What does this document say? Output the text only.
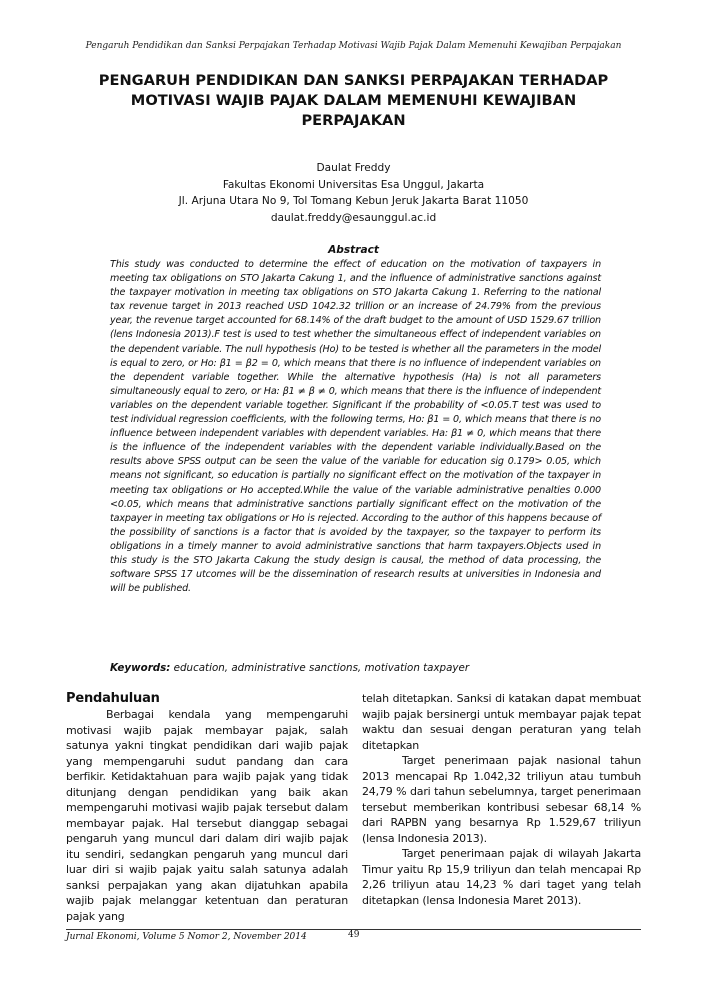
Pengaruh Pendidikan dan Sanksi Perpajakan Terhadap Motivasi Wajib Pajak Dalam Memenuhi Kewajiban Perpajakan
PENGARUH PENDIDIKAN DAN SANKSI PERPAJAKAN TERHADAP
MOTIVASI WAJIB PAJAK DALAM MEMENUHI KEWAJIBAN
PERPAJAKAN
Daulat Freddy
Fakultas Ekonomi Universitas Esa Unggul, Jakarta
Jl. Arjuna Utara No 9, Tol Tomang Kebun Jeruk Jakarta Barat 11050
daulat.freddy@esaunggul.ac.id
Abstract
This study was conducted to determine the effect of education on the motivation of taxpayers in meeting tax obligations on STO Jakarta Cakung 1, and the influence of administrative sanctions against the taxpayer motivation in meeting tax obligations on STO Jakarta Cakung 1. Referring to the national tax revenue target in 2013 reached USD 1042.32 trillion or an increase of 24.79% from the previous year, the revenue target accounted for 68.14% of the draft budget to the amount of USD 1529.67 trillion (lens Indonesia 2013).F test is used to test whether the simultaneous effect of independent variables on the dependent variable. The null hypothesis (Ho) to be tested is whether all the parameters in the model is equal to zero, or Ho: β1 = β2 = 0, which means that there is no influence of independent variables on the dependent variable together. While the alternative hypothesis (Ha) is not all parameters simultaneously equal to zero, or Ha: β1 ≠ β ≠ 0, which means that there is the influence of independent variables on the dependent variable together. Significant if the probability of <0.05.T test was used to test individual regression coefficients, with the following terms, Ho: β1 = 0, which means that there is no influence between independent variables with dependent variables. Ha: β1 ≠ 0, which means that there is the influence of the independent variables with the dependent variable individually.Based on the results above SPSS output can be seen the value of the variable for education sig 0.179> 0.05, which means not significant, so education is partially no significant effect on the motivation of the taxpayer in meeting tax obligations or Ho accepted.While the value of the variable administrative penalties 0.000 <0.05, which means that administrative sanctions partially significant effect on the motivation of the taxpayer in meeting tax obligations or Ho is rejected. According to the author of this happens because of the possibility of sanctions is a factor that is avoided by the taxpayer, so the taxpayer to perform its obligations in a timely manner to avoid administrative sanctions that harm taxpayers.Objects used in this study is the STO Jakarta Cakung the study design is causal, the method of data processing, the software SPSS 17 utcomes will be the dissemination of research results at universities in Indonesia and will be published.
Keywords: education, administrative sanctions, motivation taxpayer

Pendahuluan

Berbagai kendala yang mempengaruhi motivasi wajib pajak membayar pajak, salah satunya yakni tingkat pendidikan dari wajib pajak yang mempengaruhi sudut pandang dan cara berfikir. Ketidaktahuan para wajib pajak yang tidak ditunjang dengan pendidikan yang baik akan mempengaruhi motivasi wajib pajak tersebut dalam membayar pajak. Hal tersebut dianggap sebagai pengaruh yang muncul dari dalam diri wajib pajak itu sendiri, sedangkan pengaruh yang muncul dari luar diri si wajib pajak yaitu salah satunya adalah sanksi perpajakan yang akan dijatuhkan apabila wajib pajak melanggar ketentuan dan peraturan pajak yang

telah ditetapkan. Sanksi di katakan dapat membuat wajib pajak bersinergi untuk membayar pajak tepat waktu dan sesuai dengan peraturan yang telah ditetapkan

Target penerimaan pajak nasional tahun 2013 mencapai Rp 1.042,32 triliyun atau tumbuh 24,79 % dari tahun sebelumnya, target penerimaan tersebut memberikan kontribusi sebesar 68,14 % dari RAPBN yang besarnya Rp 1.529,67 triliyun (lensa Indonesia 2013).

Target penerimaan pajak di wilayah Jakarta Timur yaitu Rp 15,9 triliyun dan telah mencapai Rp 2,26 triliyun atau 14,23 % dari taget yang telah ditetapkan (lensa Indonesia Maret 2013).

Jurnal Ekonomi, Volume 5 Nomor 2, November 2014	49
